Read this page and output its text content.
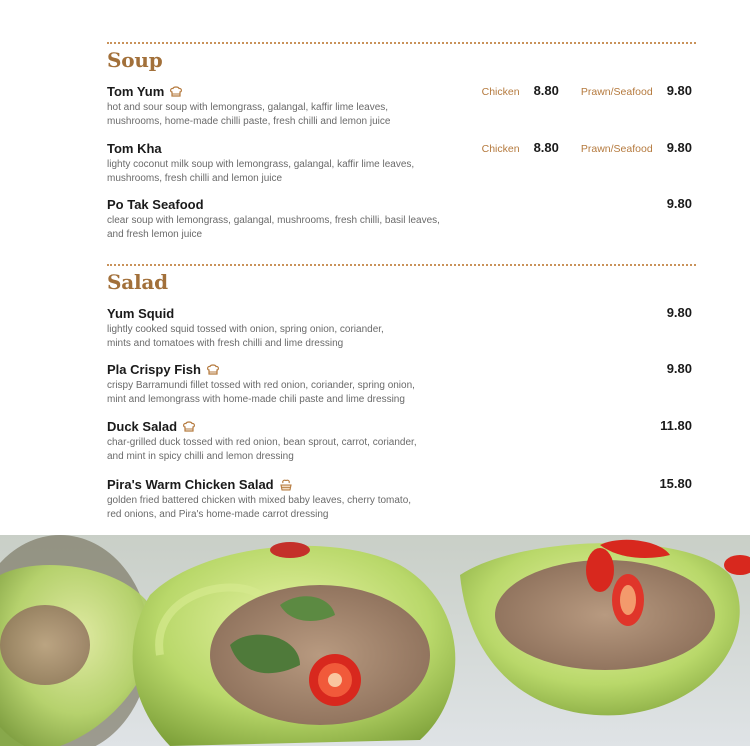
Soup
Tom Yum
hot and sour soup with lemongrass, galangal, kaffir lime leaves,
mushrooms, home-made chilli paste, fresh chilli and lemon juice
Chicken 8.80 Prawn/Seafood 9.80
Tom Kha
lighty coconut milk soup with lemongrass, galangal, kaffir lime leaves,
mushrooms, fresh chilli and lemon juice
Chicken 8.80 Prawn/Seafood 9.80
Po Tak Seafood
clear soup with lemongrass, galangal, mushrooms, fresh chilli, basil leaves,
and fresh lemon juice
9.80
Salad
Yum Squid
lightly cooked squid tossed with onion, spring onion, coriander,
mints and tomatoes with fresh chilli and lime dressing
9.80
Pla Crispy Fish
crispy Barramundi fillet tossed with red onion, coriander, spring onion,
mint and lemongrass with home-made chili paste and lime dressing
9.80
Duck Salad
char-grilled duck tossed with red onion, bean sprout, carrot, coriander,
and mint in spicy chilli and lemon dressing
11.80
Pira's Warm Chicken Salad
golden fried battered chicken with mixed baby leaves, cherry tomato,
red onions, and Pira's home-made carrot dressing
15.80
